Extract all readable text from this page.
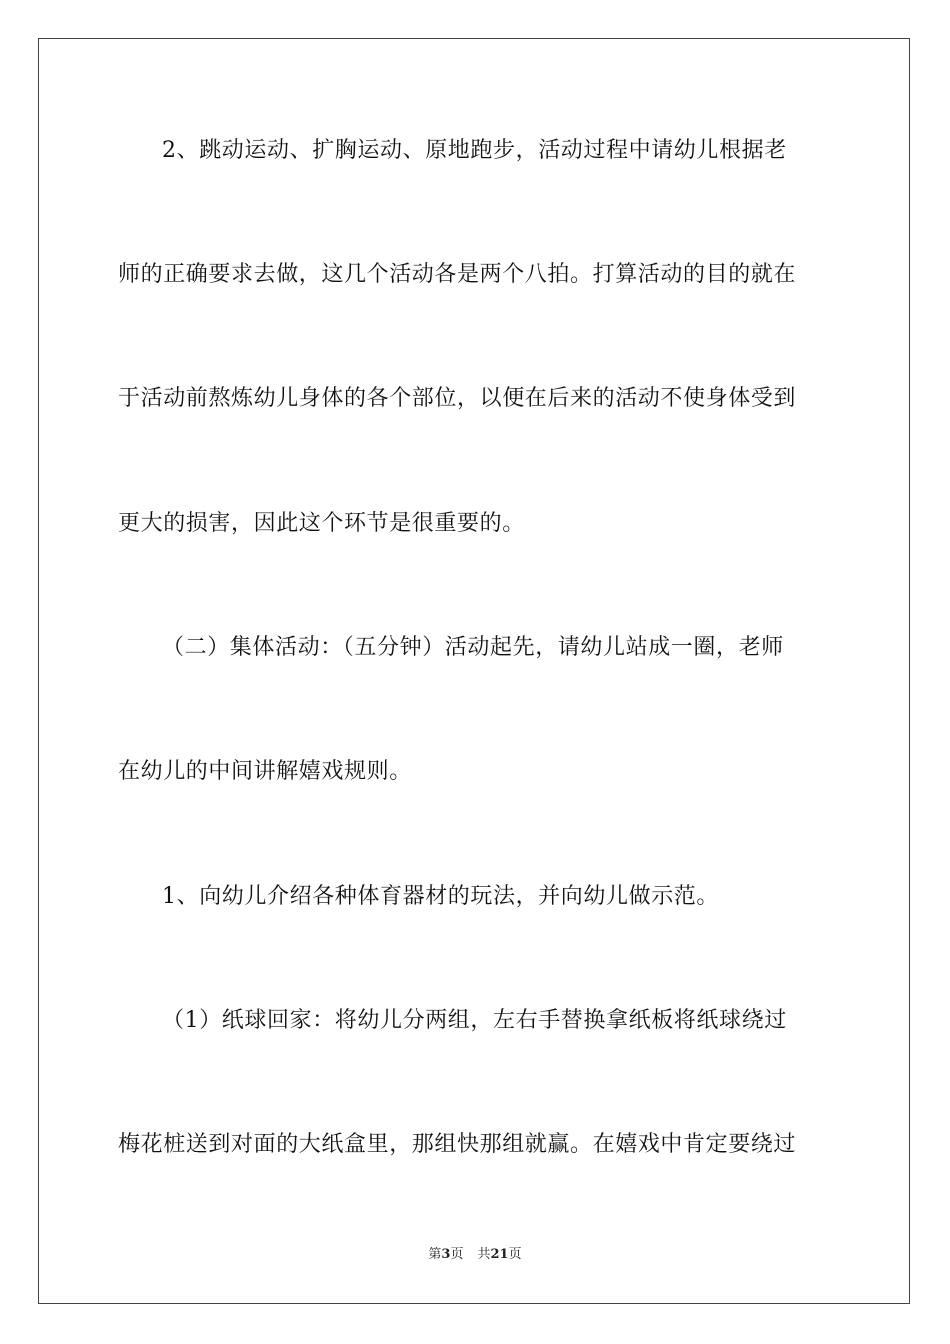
2、跳动运动、扩胸运动、原地跑步，活动过程中请幼儿根据老
师的正确要求去做，这几个活动各是两个八拍。打算活动的目的就在
于活动前熬炼幼儿身体的各个部位，以便在后来的活动不使身体受到
更大的损害，因此这个环节是很重要的。
（二）集体活动：（五分钟）活动起先，请幼儿站成一圈，老师
在幼儿的中间讲解嬉戏规则。
1、向幼儿介绍各种体育器材的玩法，并向幼儿做示范。
（1）纸球回家：将幼儿分两组，左右手替换拿纸板将纸球绕过
梅花桩送到对面的大纸盒里，那组快那组就赢。在嬉戏中肯定要绕过
第3页 共21页
